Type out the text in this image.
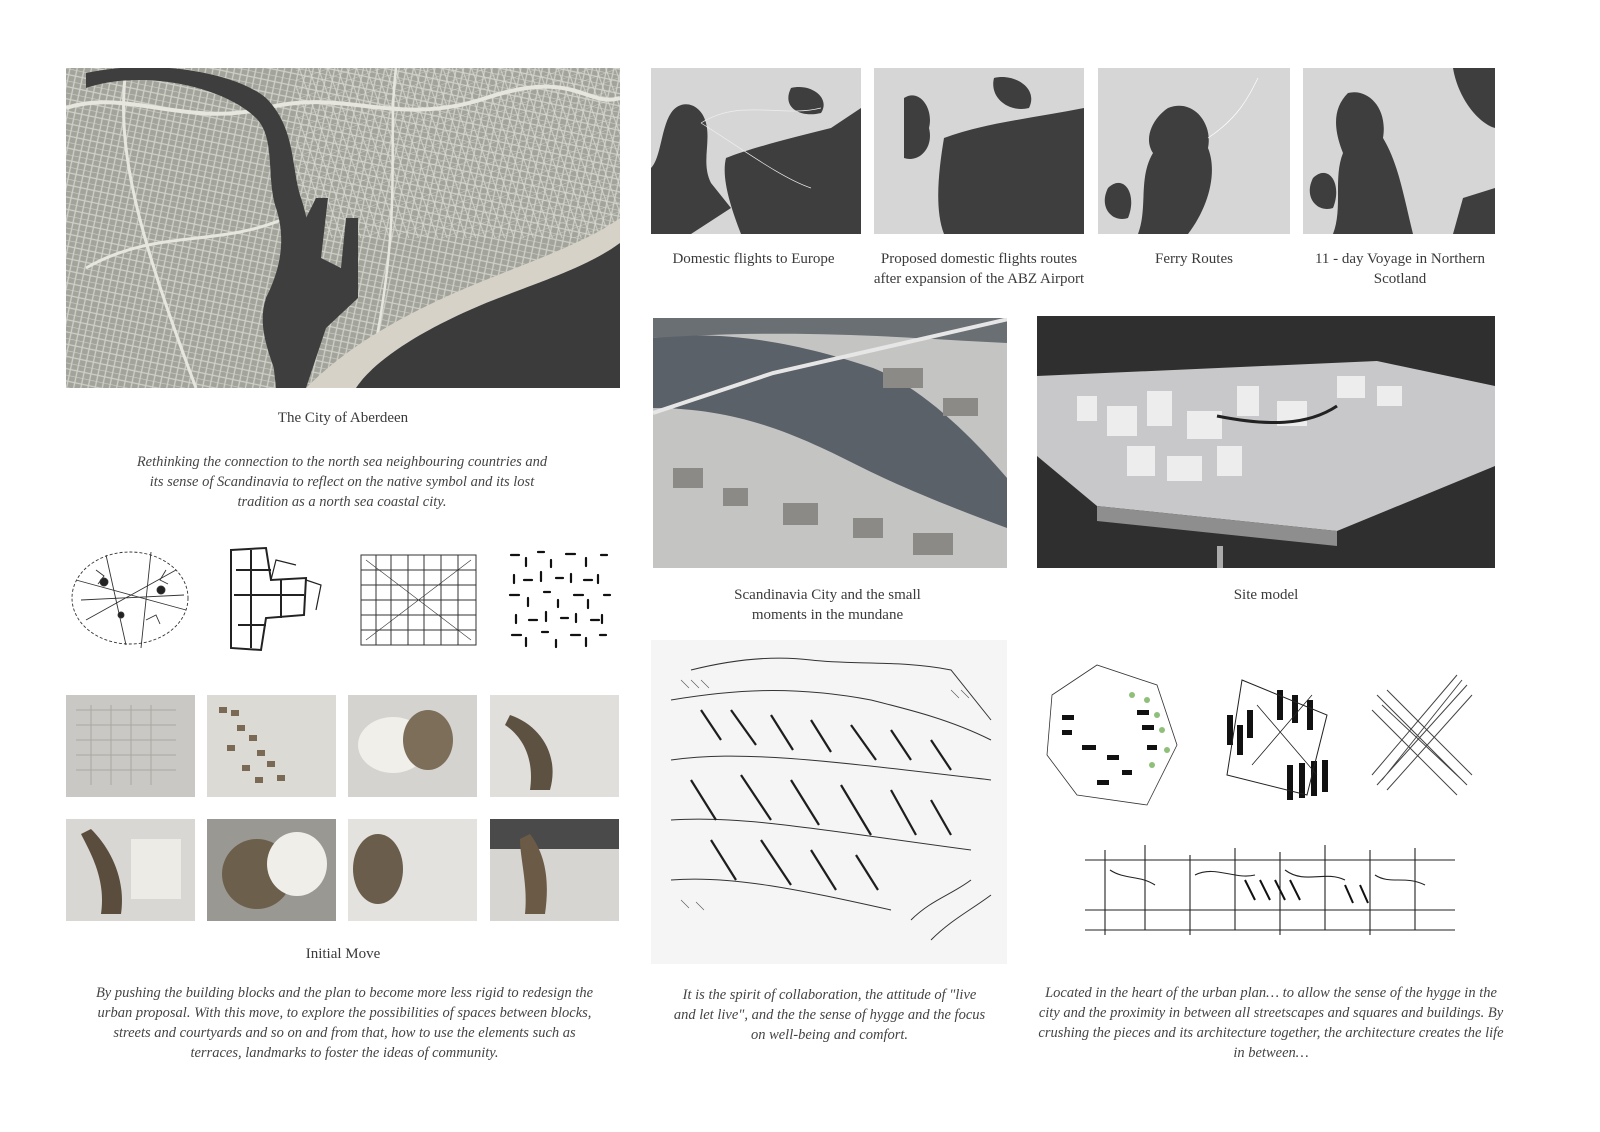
The City of Aberdeen
Rethinking the connection to the north sea neighbouring countries and its sense of Scandinavia to reflect on the native symbol and its lost tradition as a north sea coastal city.
Initial Move
By pushing the building blocks and the plan to become more less rigid to redesign the urban proposal. With this move, to explore the possibilities of spaces between blocks, streets and courtyards and so on and from that, how to use the elements such as terraces, landmarks to foster the ideas of community.
Domestic flights to Europe	Proposed domestic flights routes after expansion of the ABZ Airport
Ferry Routes	11 - day Voyage in Northern Scotland
Scandinavia City and the small moments in the mundane
Site model
It is the spirit of collaboration, the attitude of "live and let live", and the the sense of hygge and the focus on well-being and comfort.
Located in the heart of the urban plan… to allow the sense of the hygge in the city and the proximity in between all streetscapes and squares and buildings. By crushing the pieces and its architecture together, the architecture creates the life in between…
